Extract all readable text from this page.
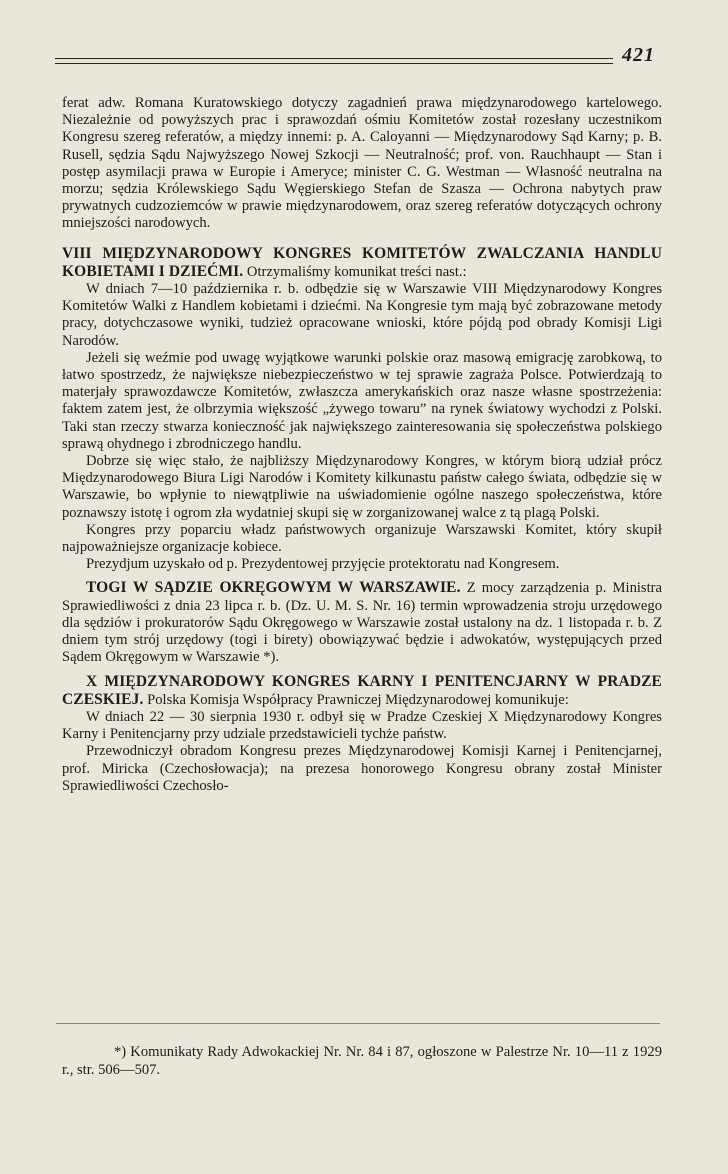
421

ferat adw. Romana Kuratowskiego dotyczy zagadnień prawa międzynarodowego kartelowego. Niezależnie od powyższych prac i sprawozdań ośmiu Komitetów został rozesłany uczestnikom Kongresu szereg referatów, a między innemi: p. A. Caloyanni — Międzynarodowy Sąd Karny; p. B. Rusell, sędzia Sądu Najwyższego Nowej Szkocji — Neutralność; prof. von. Rauchhaupt — Stan i postęp asymilacji prawa w Europie i Ameryce; minister C. G. Westman — Własność neutralna na morzu; sędzia Królewskiego Sądu Węgierskiego Stefan de Szasza — Ochrona nabytych praw prywatnych cudzoziemców w prawie międzynarodowem, oraz szereg referatów dotyczących ochrony mniejszości narodowych.

VIII MIĘDZYNARODOWY KONGRES KOMITETÓW ZWALCZANIA HANDLU KOBIETAMI I DZIEĆMI. Otrzymaliśmy komunikat treści nast.:

W dniach 7—10 października r. b. odbędzie się w Warszawie VIII Międzynarodowy Kongres Komitetów Walki z Handlem kobietami i dziećmi. Na Kongresie tym mają być zobrazowane metody pracy, dotychczasowe wyniki, tudzież opracowane wnioski, które pójdą pod obrady Komisji Ligi Narodów.

Jeżeli się weźmie pod uwagę wyjątkowe warunki polskie oraz masową emigrację zarobkową, to łatwo spostrzedz, że największe niebezpieczeństwo w tej sprawie zagraża Polsce. Potwierdzają to materjały sprawozdawcze Komitetów, zwłaszcza amerykańskich oraz nasze własne spostrzeżenia: faktem zatem jest, że olbrzymia większość „żywego towaru” na rynek światowy wychodzi z Polski. Taki stan rzeczy stwarza konieczność jak największego zainteresowania się społeczeństwa polskiego sprawą ohydnego i zbrodniczego handlu.

Dobrze się więc stało, że najbliższy Międzynarodowy Kongres, w którym biorą udział prócz Międzynarodowego Biura Ligi Narodów i Komitety kilkunastu państw całego świata, odbędzie się w Warszawie, bo wpłynie to niewątpliwie na uświadomienie ogólne naszego społeczeństwa, które poznawszy istotę i ogrom zła wydatniej skupi się w zorganizowanej walce z tą plagą Polski.

Kongres przy poparciu władz państwowych organizuje Warszawski Komitet, który skupił najpoważniejsze organizacje kobiece.

Prezydjum uzyskało od p. Prezydentowej przyjęcie protektoratu nad Kongresem.

TOGI W SĄDZIE OKRĘGOWYM W WARSZAWIE. Z mocy zarządzenia p. Ministra Sprawiedliwości z dnia 23 lipca r. b. (Dz. U. M. S. Nr. 16) termin wprowadzenia stroju urzędowego dla sędziów i prokuratorów Sądu Okręgowego w Warszawie został ustalony na dz. 1 listopada r. b. Z dniem tym strój urzędowy (togi i birety) obowiązywać będzie i adwokatów, występujących przed Sądem Okręgowym w Warszawie *).

X MIĘDZYNARODOWY KONGRES KARNY I PENITENCJARNY W PRADZE CZESKIEJ. Polska Komisja Współpracy Prawniczej Międzynarodowej komunikuje:

W dniach 22 — 30 sierpnia 1930 r. odbył się w Pradze Czeskiej X Międzynarodowy Kongres Karny i Penitencjarny przy udziale przedstawicieli tychże państw.

Przewodniczył obradom Kongresu prezes Międzynarodowej Komisji Karnej i Penitencjarnej, prof. Miricka (Czechosłowacja); na prezesa honorowego Kongresu obrany został Minister Sprawiedliwości Czechosło-

*) Komunikaty Rady Adwokackiej Nr. Nr. 84 i 87, ogłoszone w Palestrze Nr. 10—11 z 1929 r., str. 506—507.
